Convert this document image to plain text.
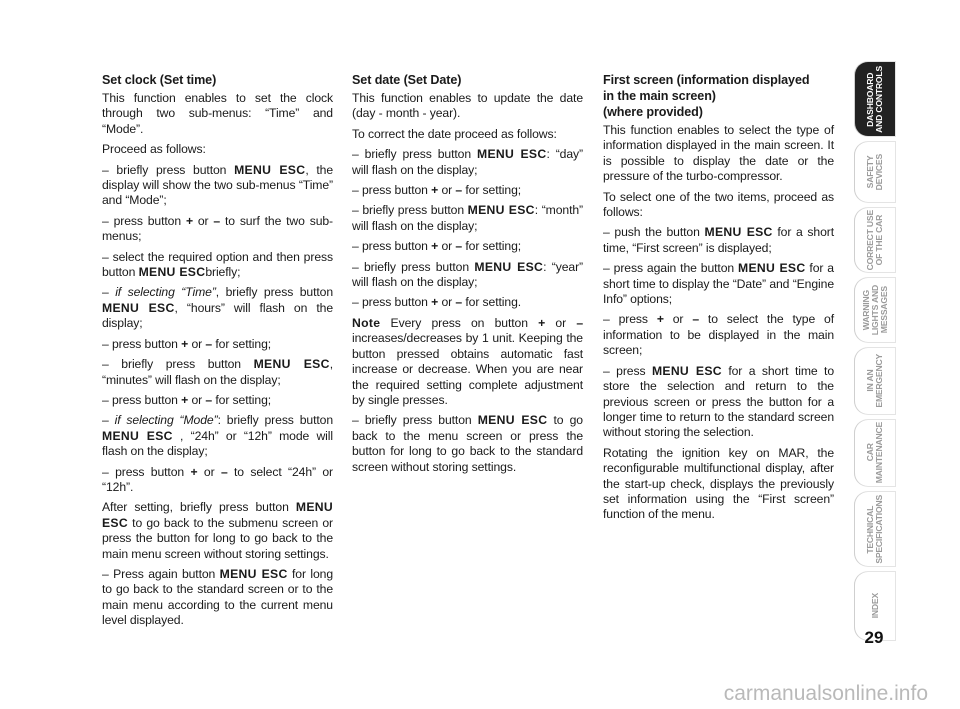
Set clock (Set time)

This function enables to set the clock through two sub-menus: “Time” and “Mode”.

Proceed as follows:

– briefly press button MENU ESC, the display will show the two sub-menus “Time” and “Mode”;

– press button + or – to surf the two sub-menus;

– select the required option and then press button MENU ESCbriefly;

– if selecting “Time”, briefly press button MENU ESC, “hours” will flash on the display;

– press button + or – for setting;

– briefly press button MENU ESC, “minutes” will flash on the display;

– press button + or – for setting;

– if selecting “Mode”: briefly press button MENU ESC , “24h” or “12h” mode will flash on the display;

– press button + or – to select “24h” or “12h”.

After setting, briefly press button MENU ESC to go back to the submenu screen or press the button for long to go back to the main menu screen without storing settings.

– Press again button MENU ESC for long to go back to the standard screen or to the main menu according to the current menu level displayed.

Set date (Set Date)

This function enables to update the date (day - month - year).

To correct the date proceed as follows:

– briefly press button MENU ESC: “day” will flash on the display;

– press button + or – for setting;

– briefly press button MENU ESC: “month” will flash on the display;

– press button + or – for setting;

– briefly press button MENU ESC: “year” will flash on the display;

– press button + or – for setting.

Note Every press on button + or – increases/decreases by 1 unit. Keeping the button pressed obtains automatic fast increase or decrease. When you are near the required setting complete adjustment by single presses.

– briefly press button MENU ESC to go back to the menu screen or press the button for long to go back to the standard screen without storing settings.

First screen (information displayed
in the main screen)
(where provided)

This function enables to select the type of information displayed in the main screen. It is possible to display the date or the pressure of the turbo-compressor.

To select one of the two items, proceed as follows:

– push the button MENU ESC for a short time, “First screen” is displayed;

– press again the button MENU ESC for a short time to display the “Date” and “Engine Info” options;

– press + or – to select the type of information to be displayed in the main screen;

– press MENU ESC for a short time to store the selection and return to the previous screen or press the button for a longer time to return to the standard screen without storing the selection.

Rotating the ignition key on MAR, the reconfigurable multifunctional display, after the start-up check, displays the previously set information using the “First screen” function of the menu.

DASHBOARD
AND CONTROLS
SAFETY
DEVICES
CORRECT USE
OF THE CAR
WARNING
LIGHTS AND
MESSAGES
IN AN
EMERGENCY
CAR
MAINTENANCE
TECHNICAL
SPECIFICATIONS
INDEX
29
carmanualsonline.info
